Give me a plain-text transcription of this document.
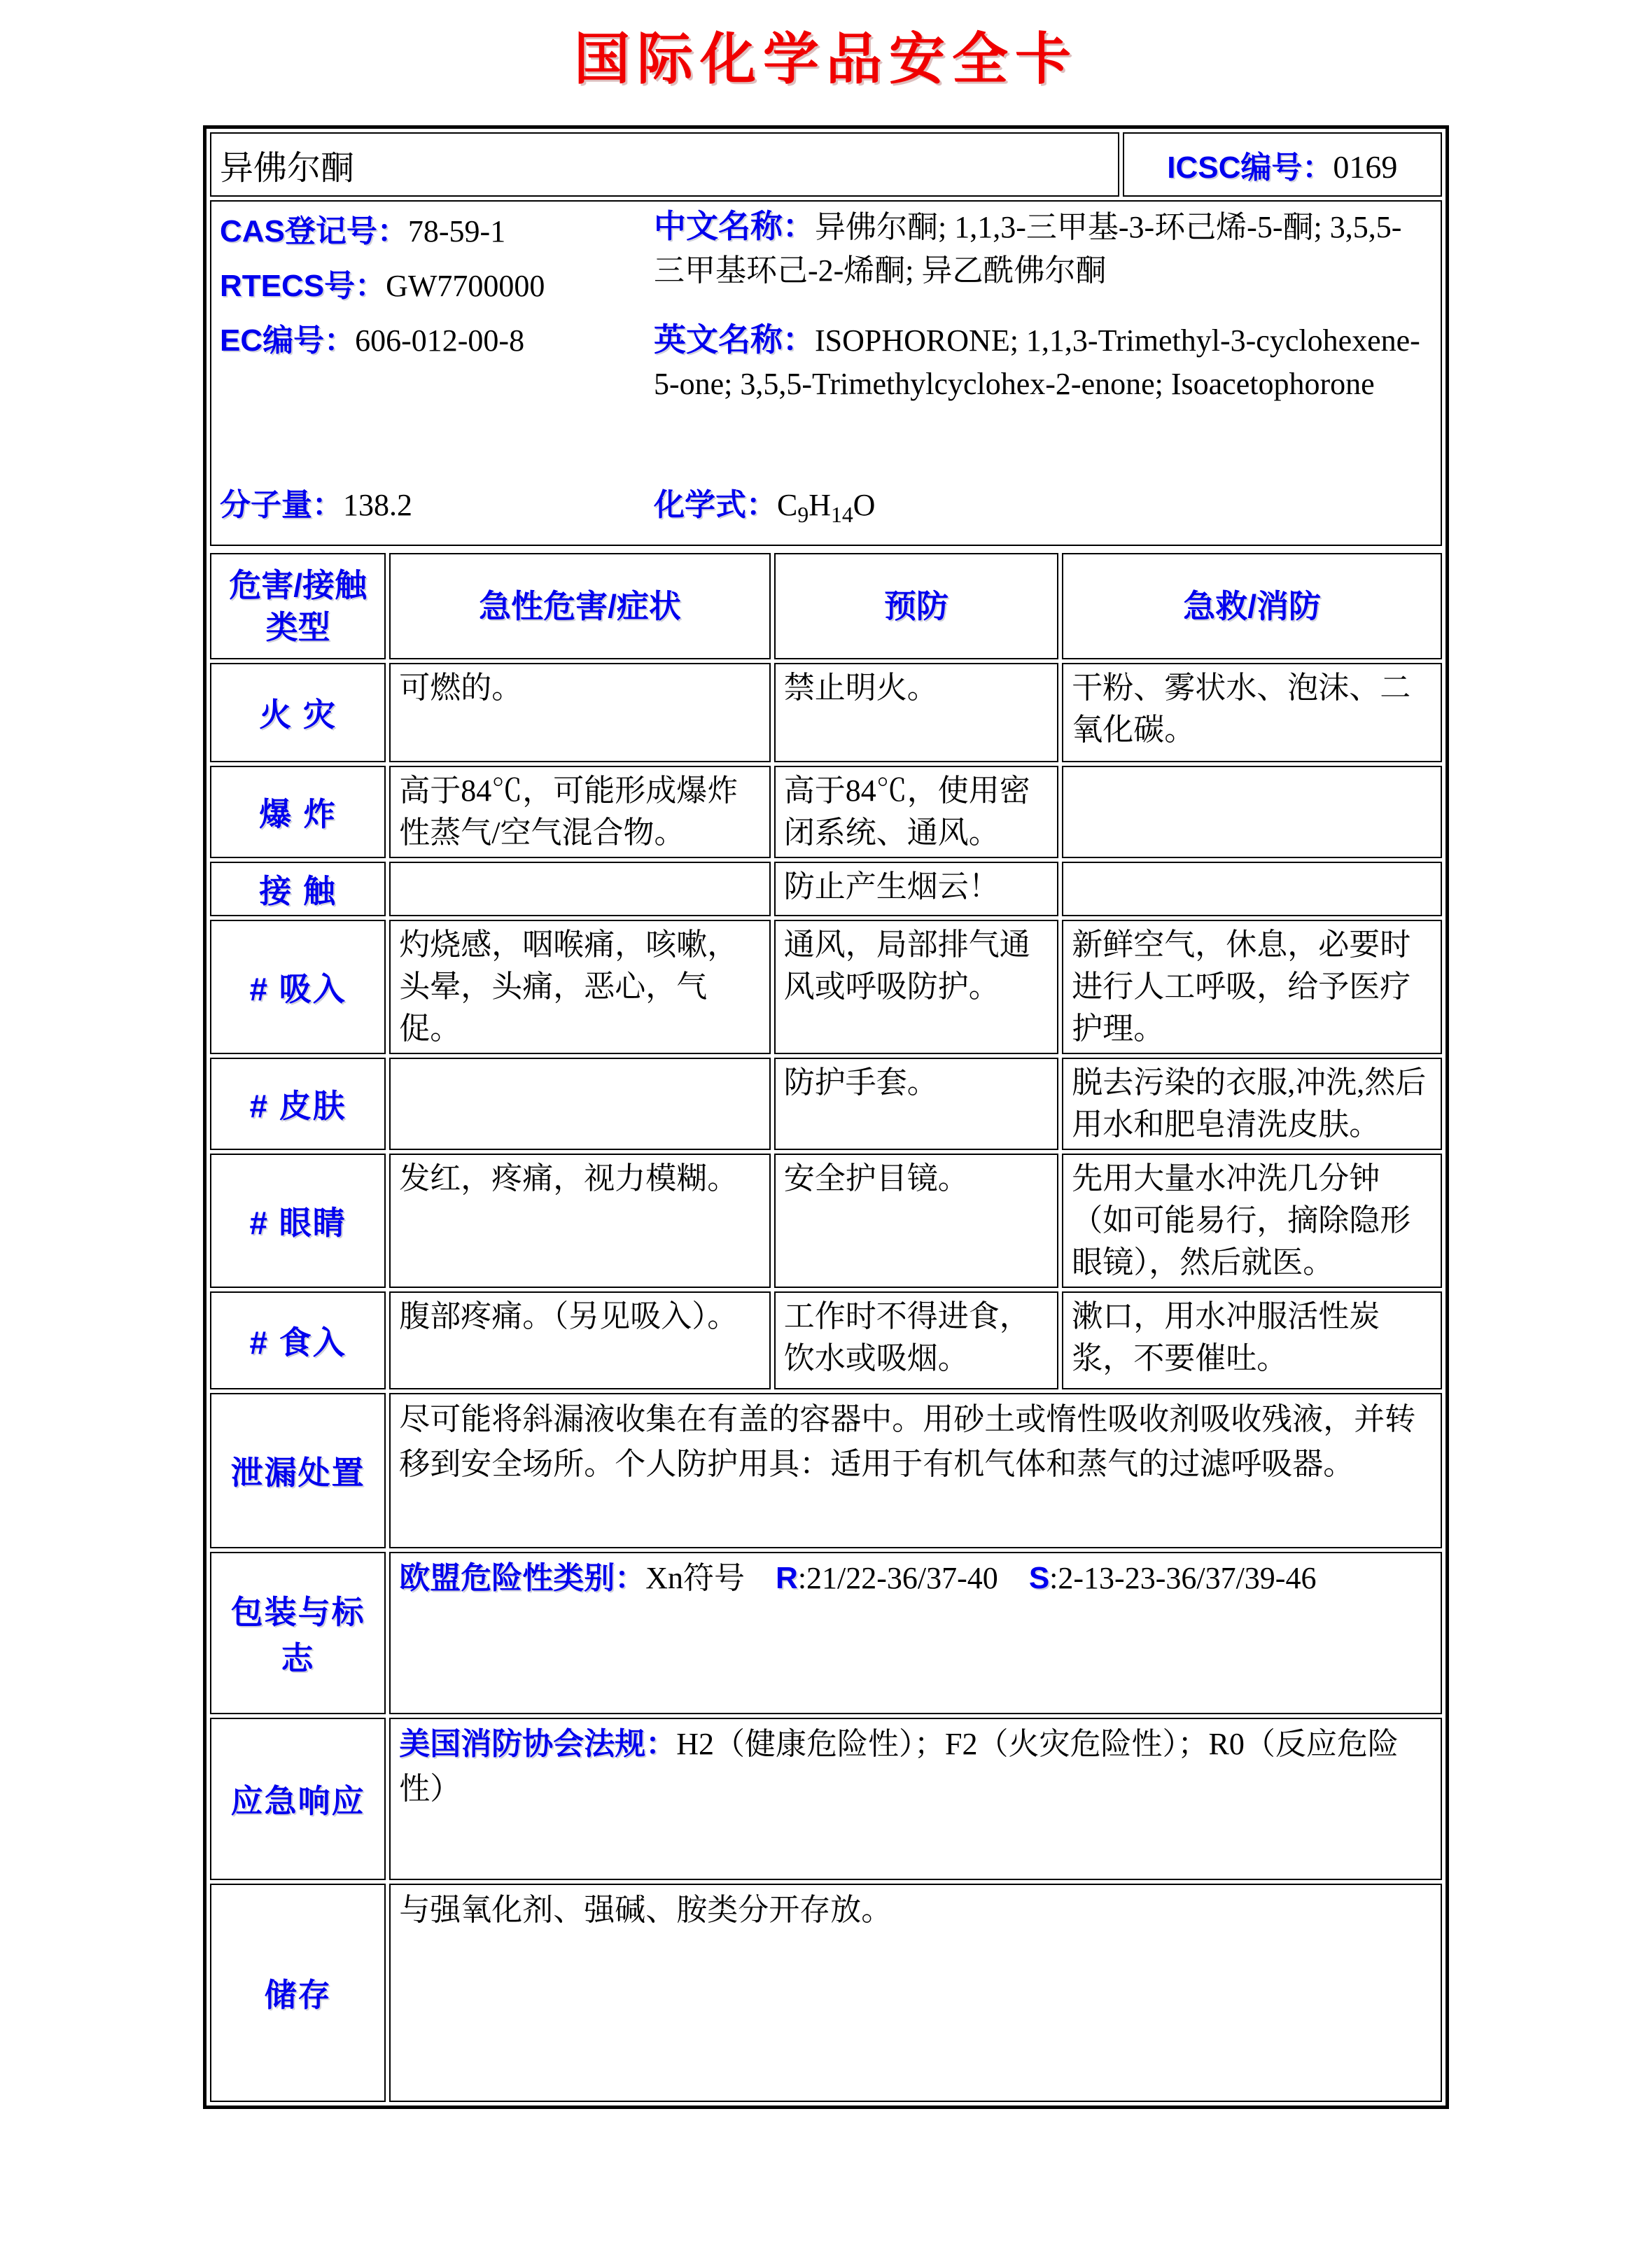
国际化学品安全卡
异佛尔酮	ICSC编号：0169

CAS登记号：78-59-1
RTECS号：GW7700000
EC编号：606-012-00-8
分子量：138.2

中文名称：异佛尔酮; 1,1,3-三甲基-3-环己烯-5-酮; 3,5,5-三甲基环己-2-烯酮; 异乙酰佛尔酮

英文名称：ISOPHORONE; 1,1,3-Trimethyl-3-cyclohexene-5-one; 3,5,5-Trimethylcyclohex-2-enone; Isoacetophorone

化学式：$C_9H_{14}O$
危害/接触
类型	急性危害/症状	预防	急救/消防
火 灾	可燃的。	禁止明火。	干粉、雾状水、泡沫、二氧化碳。
爆 炸	高于84℃，可能形成爆炸性蒸气/空气混合物。	高于84℃，使用密闭系统、通风。	
接 触		防止产生烟云！	
# 吸入	灼烧感，咽喉痛，咳嗽，头晕，头痛，恶心，气促。	通风，局部排气通风或呼吸防护。	新鲜空气，休息，必要时进行人工呼吸，给予医疗护理。
# 皮肤		防护手套。	脱去污染的衣服,冲洗,然后用水和肥皂清洗皮肤。
# 眼睛	发红，疼痛，视力模糊。	安全护目镜。	先用大量水冲洗几分钟（如可能易行，摘除隐形眼镜），然后就医。
# 食入	腹部疼痛。（另见吸入）。	工作时不得进食，饮水或吸烟。	漱口，用水冲服活性炭浆，不要催吐。
泄漏处置	尽可能将斜漏液收集在有盖的容器中。用砂土或惰性吸收剂吸收残液，并转移到安全场所。个人防护用具：适用于有机气体和蒸气的过滤呼吸器。		
包装与标志	欧盟危险性类别：Xn符号　R:21/22-36/37-40　S:2-13-23-36/37/39-46		
应急响应	美国消防协会法规：H2（健康危险性）；F2（火灾危险性）；R0（反应危险性）		
储存	与强氧化剂、强碱、胺类分开存放。		
